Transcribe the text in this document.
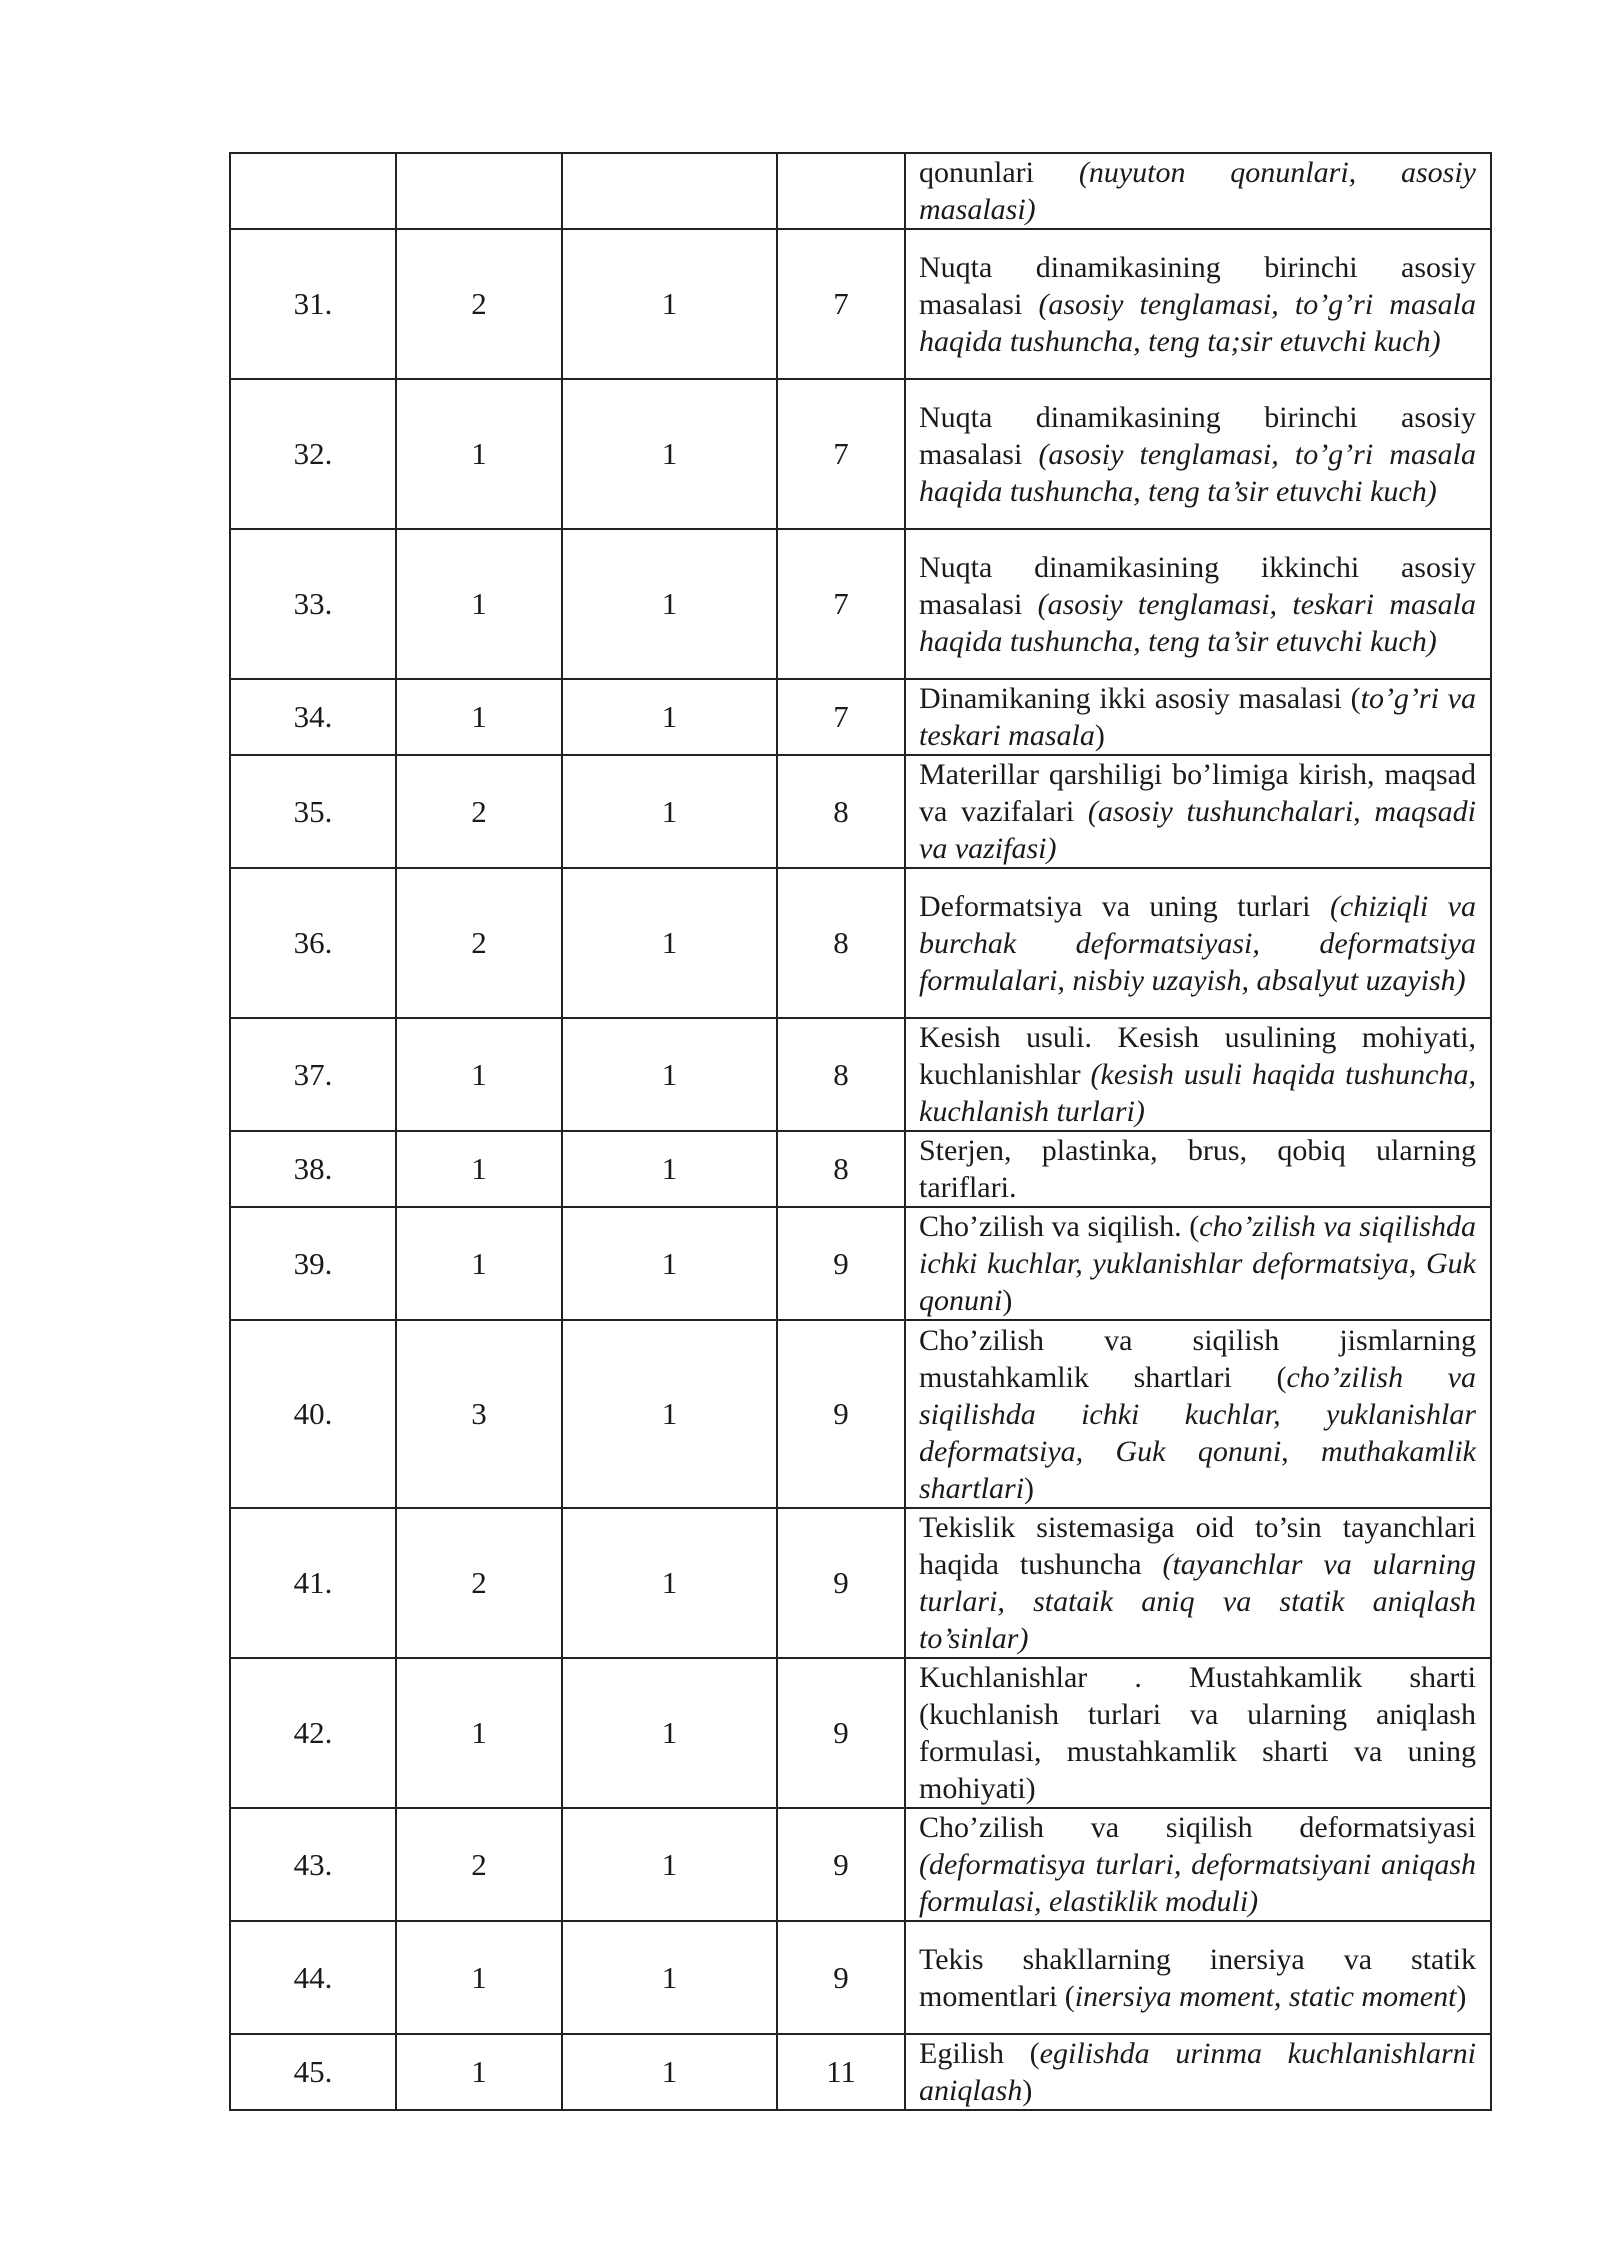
				qonunlari (nuyuton qonunlari, asosiy masalasi)
31.	2	1	7	Nuqta dinamikasining birinchi asosiy masalasi (asosiy tenglamasi, to’g’ri masala haqida tushuncha, teng ta;sir etuvchi kuch)
32.	1	1	7	Nuqta dinamikasining birinchi asosiy masalasi (asosiy tenglamasi, to’g’ri masala haqida tushuncha, teng ta’sir etuvchi kuch)
33.	1	1	7	Nuqta dinamikasining ikkinchi asosiy masalasi (asosiy tenglamasi, teskari masala haqida tushuncha, teng ta’sir etuvchi kuch)
34.	1	1	7	Dinamikaning ikki asosiy masalasi (to’g’ri va teskari masala)
35.	2	1	8	Materillar qarshiligi bo’limiga kirish, maqsad va vazifalari (asosiy tushunchalari, maqsadi va vazifasi)
36.	2	1	8	Deformatsiya va uning turlari (chiziqli va burchak deformatsiyasi, deformatsiya formulalari, nisbiy uzayish, absalyut uzayish)
37.	1	1	8	Kesish usuli. Kesish usulining mohiyati, kuchlanishlar (kesish usuli haqida tushuncha, kuchlanish turlari)
38.	1	1	8	Sterjen, plastinka, brus, qobiq ularning tariflari.
39.	1	1	9	Cho’zilish va siqilish. (cho’zilish va siqilishda ichki kuchlar, yuklanishlar deformatsiya, Guk qonuni)
40.	3	1	9	Cho’zilish va siqilish jismlarning mustahkamlik shartlari (cho’zilish va siqilishda ichki kuchlar, yuklanishlar deformatsiya, Guk qonuni, muthakamlik shartlari)
41.	2	1	9	Tekislik sistemasiga oid to’sin tayanchlari haqida tushuncha (tayanchlar va ularning turlari, stataik aniq va statik aniqlash to’sinlar)
42.	1	1	9	Kuchlanishlar . Mustahkamlik sharti (kuchlanish turlari va ularning aniqlash formulasi, mustahkamlik sharti va uning mohiyati)
43.	2	1	9	Cho’zilish va siqilish deformatsiyasi (deformatisya turlari, deformatsiyani aniqash formulasi, elastiklik moduli)
44.	1	1	9	Tekis shakllarning inersiya va statik momentlari (inersiya moment, static moment)
45.	1	1	11	Egilish (egilishda urinma kuchlanishlarni aniqlash)
